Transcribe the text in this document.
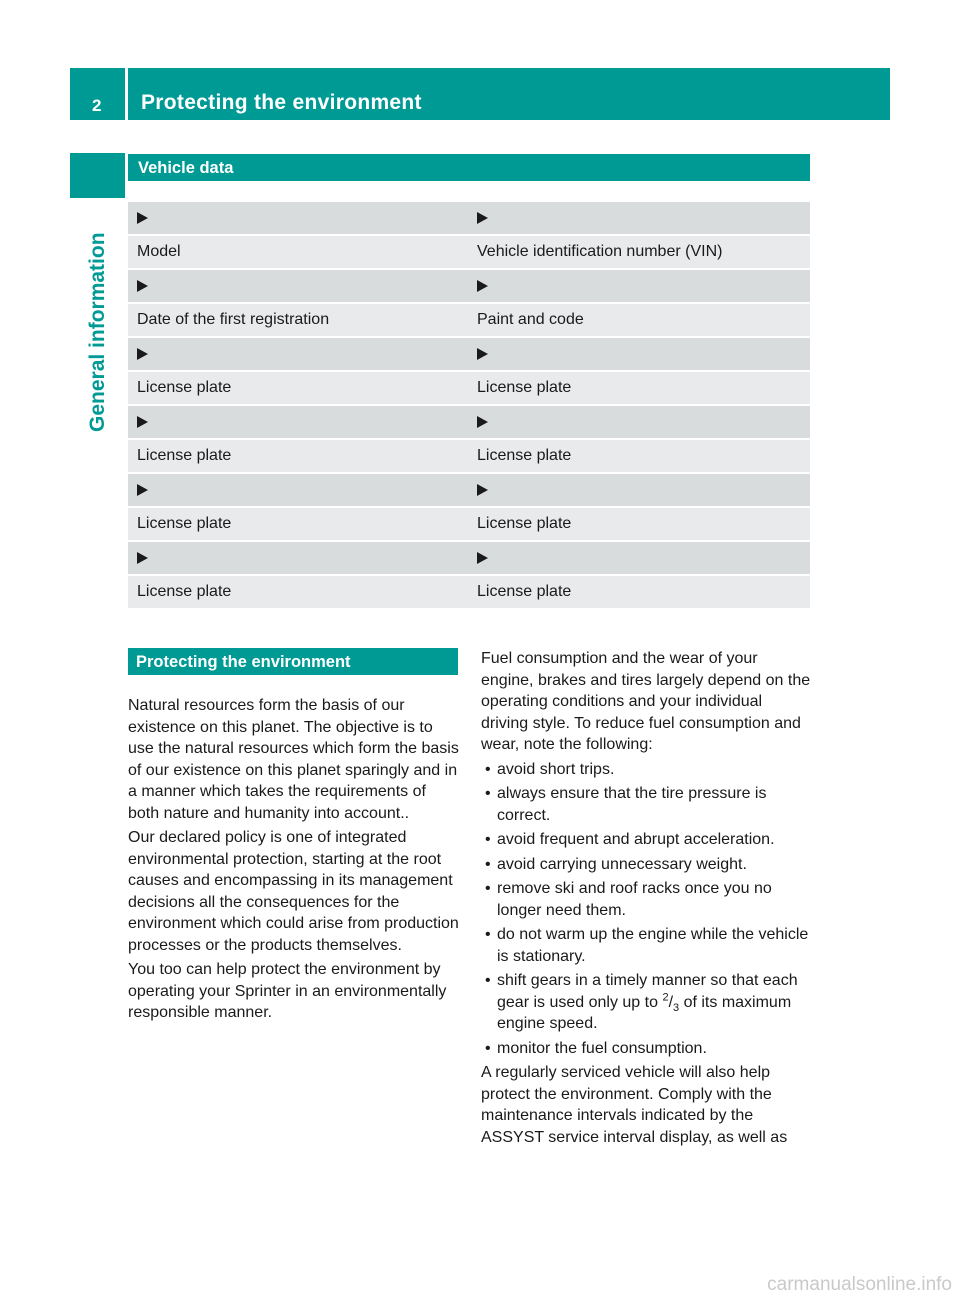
2	Protecting the environment
General information
Vehicle data
Model	Vehicle identification number (VIN)
Date of the first registration	Paint and code
License plate	License plate
License plate	License plate
License plate	License plate
License plate	License plate
Protecting the environment

Natural resources form the basis of our existence on this planet. The objective is to use the natural resources which form the basis of our existence on this planet sparingly and in a manner which takes the requirements of both nature and humanity into account..

Our declared policy is one of integrated environmental protection, starting at the root causes and encompassing in its management decisions all the consequences for the environment which could arise from production processes or the products themselves.

You too can help protect the environment by operating your Sprinter in an environmentally responsible manner.

Fuel consumption and the wear of your engine, brakes and tires largely depend on the operating conditions and your individual driving style. To reduce fuel consumption and wear, note the following:

• avoid short trips.
• always ensure that the tire pressure is correct.
• avoid frequent and abrupt acceleration.
• avoid carrying unnecessary weight.
• remove ski and roof racks once you no longer need them.
• do not warm up the engine while the vehicle is stationary.
• shift gears in a timely manner so that each gear is used only up to $^2/_3$ of its maximum engine speed.
• monitor the fuel consumption.

A regularly serviced vehicle will also help protect the environment. Comply with the maintenance intervals indicated by the ASSYST service interval display, as well as

carmanualsonline.info
